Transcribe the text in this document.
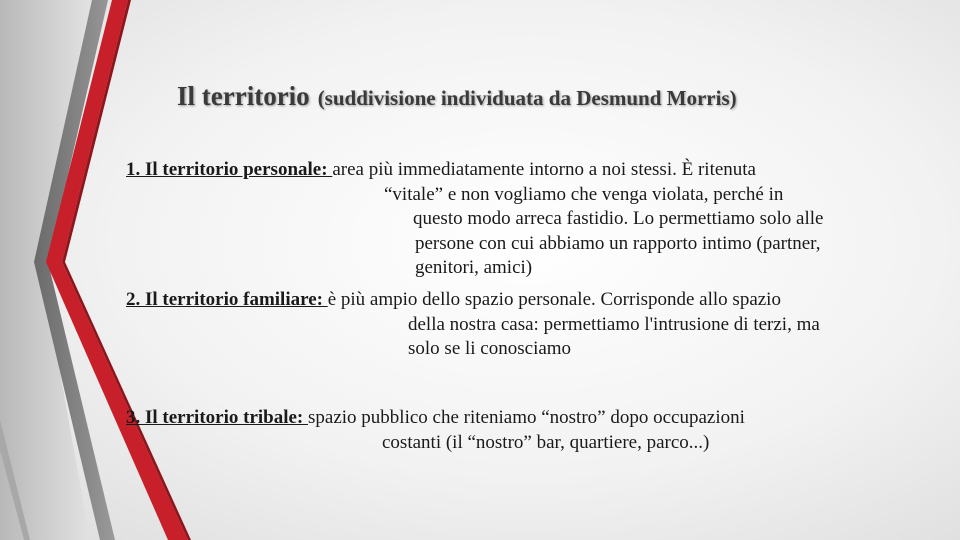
Il territorio (suddivisione individuata da Desmund Morris)

1. Il territorio personale: area più immediatamente intorno a noi stessi. È ritenuta
“vitale” e non vogliamo che venga violata, perché in
questo modo arreca fastidio. Lo permettiamo solo alle
persone con cui abbiamo un rapporto intimo (partner,
genitori, amici)

2. Il territorio familiare: è più ampio dello spazio personale. Corrisponde allo spazio
della nostra casa: permettiamo l'intrusione di terzi, ma
solo se li conosciamo

3. Il territorio tribale: spazio pubblico che riteniamo “nostro” dopo occupazioni
costanti (il “nostro” bar, quartiere, parco...)
